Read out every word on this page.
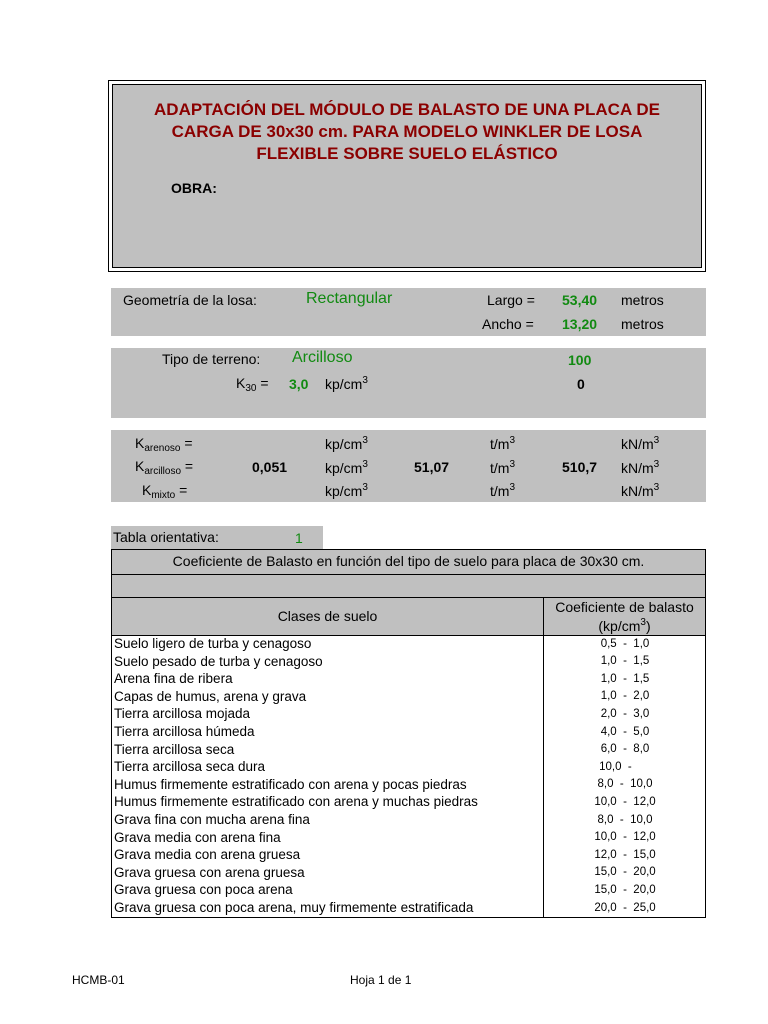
ADAPTACIÓN DEL MÓDULO DE BALASTO DE UNA PLACA DE
CARGA DE 30x30 cm. PARA MODELO WINKLER DE LOSA
FLEXIBLE SOBRE SUELO ELÁSTICO
OBRA:
Geometría de la losa:	Rectangular	Largo = 53,40 metros
Ancho = 13,20 metros
Tipo de terreno: Arcilloso	100
$K_{30} = 3,0$ $kp/cm^3$	0
$K_{arenoso}$ =	$kp/cm^3$	$t/m^3$	$kN/m^3$
$K_{arcilloso}$ =	0,051	$kp/cm^3$	51,07	$t/m^3$	510,7 $kN/m^3$
$K_{mixto}$ =	$kp/cm^3$	$t/m^3$	$kN/m^3$
Tabla orientativa:	1
Coeficiente de Balasto en función del tipo de suelo para placa de 30x30 cm.
Clases de suelo
Coeficiente de balasto
$(kp/cm^3)$
Suelo ligero de turba y cenagoso	0,5  -  1,0
Suelo pesado de turba y cenagoso	1,0  -  1,5
Arena fina de ribera	1,0  -  1,5
Capas de humus, arena y grava	1,0  -  2,0
Tierra arcillosa mojada	2,0  -  3,0
Tierra arcillosa húmeda	4,0  -  5,0
Tierra arcillosa seca	6,0  -  8,0
Tierra arcillosa seca dura	10,0  -
Humus firmemente estratificado con arena y pocas piedras	8,0  -  10,0
Humus firmemente estratificado con arena y muchas piedras	10,0  -  12,0
Grava fina con mucha arena fina	8,0  -  10,0
Grava media con arena fina	10,0  -  12,0
Grava media con arena gruesa	12,0  -  15,0
Grava gruesa con arena gruesa	15,0  -  20,0
Grava gruesa con poca arena	15,0  -  20,0
Grava gruesa con poca arena, muy firmemente estratificada	20,0  -  25,0
HCMB-01	Hoja 1 de 1
